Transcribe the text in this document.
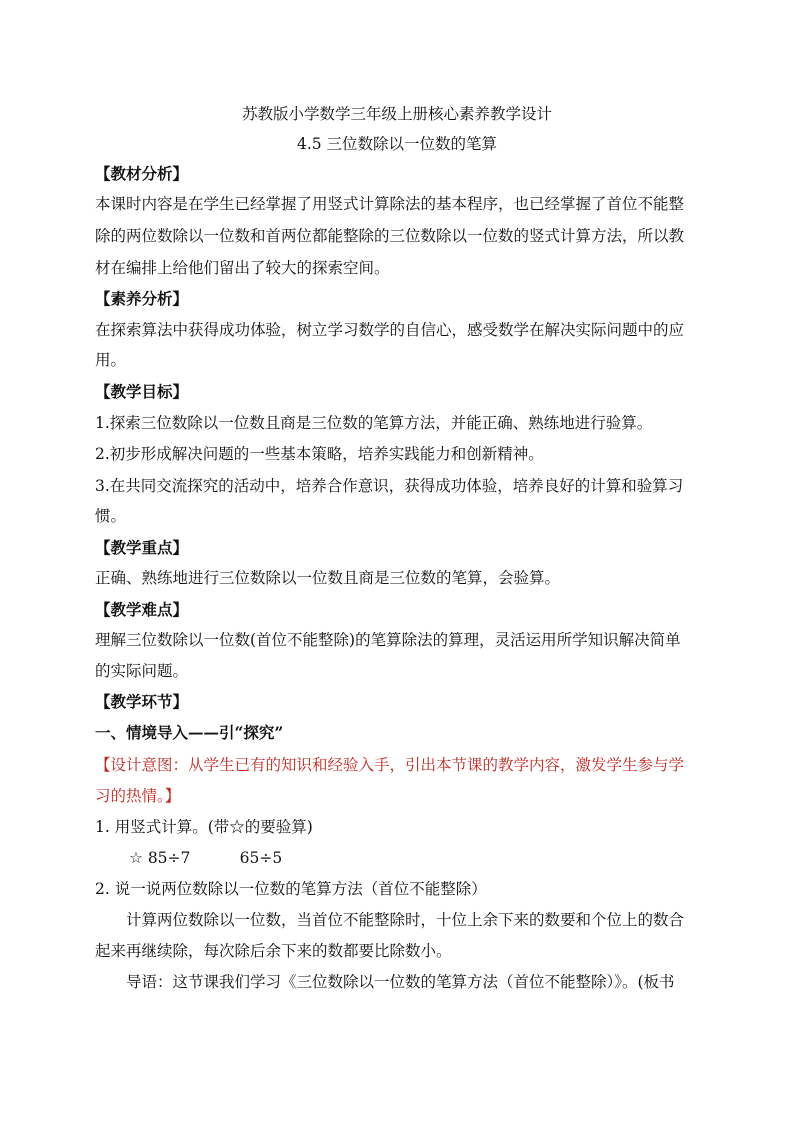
苏教版小学数学三年级上册核心素养教学设计
4.5 三位数除以一位数的笔算
【教材分析】
本课时内容是在学生已经掌握了用竖式计算除法的基本程序，也已经掌握了首位不能整
除的两位数除以一位数和首两位都能整除的三位数除以一位数的竖式计算方法，所以教
材在编排上给他们留出了较大的探索空间。
【素养分析】
在探索算法中获得成功体验，树立学习数学的自信心，感受数学在解决实际问题中的应
用。
【教学目标】
1.探索三位数除以一位数且商是三位数的笔算方法，并能正确、熟练地进行验算。
2.初步形成解决问题的一些基本策略，培养实践能力和创新精神。
3.在共同交流探究的活动中，培养合作意识，获得成功体验，培养良好的计算和验算习
惯。
【教学重点】
正确、熟练地进行三位数除以一位数且商是三位数的笔算，会验算。
【教学难点】
理解三位数除以一位数(首位不能整除)的笔算除法的算理，灵活运用所学知识解决简单
的实际问题。
【教学环节】
一、情境导入——引“探究”
【设计意图：从学生已有的知识和经验入手，引出本节课的教学内容，激发学生参与学
习的热情。】
1. 用竖式计算。(带☆的要验算)
☆ 85÷7          65÷5
2. 说一说两位数除以一位数的笔算方法（首位不能整除）
计算两位数除以一位数，当首位不能整除时，十位上余下来的数要和个位上的数合
起来再继续除，每次除后余下来的数都要比除数小。
导语：这节课我们学习《三位数除以一位数的笔算方法（首位不能整除）》。(板书
